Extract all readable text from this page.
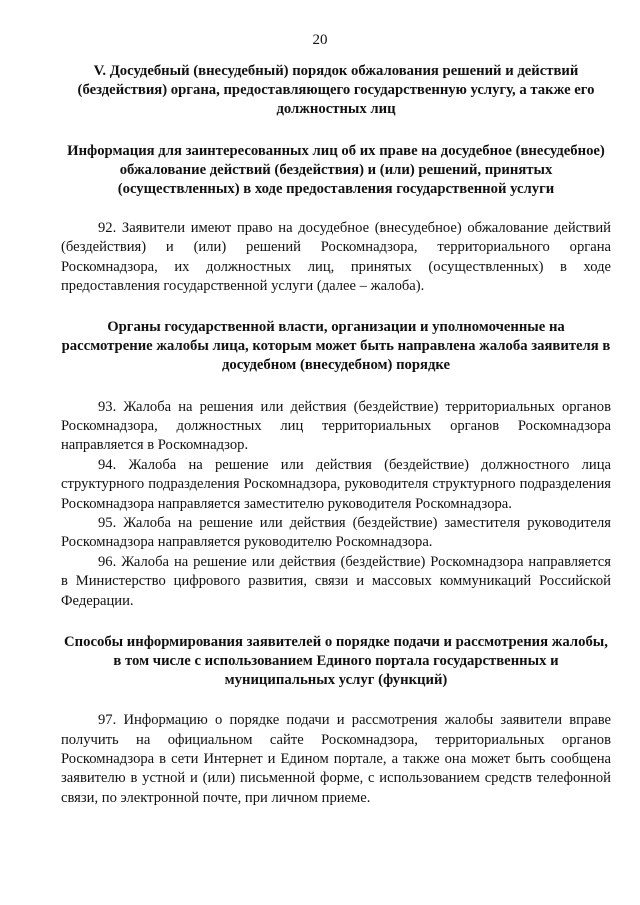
20

V. Досудебный (внесудебный) порядок обжалования решений и действий (бездействия) органа, предоставляющего государственную услугу, а также его должностных лиц

Информация для заинтересованных лиц об их праве на досудебное (внесудебное) обжалование действий (бездействия) и (или) решений, принятых (осуществленных) в ходе предоставления государственной услуги

92. Заявители имеют право на досудебное (внесудебное) обжалование действий (бездействия) и (или) решений Роскомнадзора, территориального органа Роскомнадзора, их должностных лиц, принятых (осуществленных) в ходе предоставления государственной услуги (далее – жалоба).

Органы государственной власти, организации и уполномоченные на рассмотрение жалобы лица, которым может быть направлена жалоба заявителя в досудебном (внесудебном) порядке

93. Жалоба на решения или действия (бездействие) территориальных органов Роскомнадзора, должностных лиц территориальных органов Роскомнадзора направляется в Роскомнадзор.

94. Жалоба на решение или действия (бездействие) должностного лица структурного подразделения Роскомнадзора, руководителя структурного подразделения Роскомнадзора направляется заместителю руководителя Роскомнадзора.

95. Жалоба на решение или действия (бездействие) заместителя руководителя Роскомнадзора направляется руководителю Роскомнадзора.

96. Жалоба на решение или действия (бездействие) Роскомнадзора направляется в Министерство цифрового развития, связи и массовых коммуникаций Российской Федерации.

Способы информирования заявителей о порядке подачи и рассмотрения жалобы, в том числе с использованием Единого портала государственных и муниципальных услуг (функций)

97. Информацию о порядке подачи и рассмотрения жалобы заявители вправе получить на официальном сайте Роскомнадзора, территориальных органов Роскомнадзора в сети Интернет и Едином портале, а также она может быть сообщена заявителю в устной и (или) письменной форме, с использованием средств телефонной связи, по электронной почте, при личном приеме.
